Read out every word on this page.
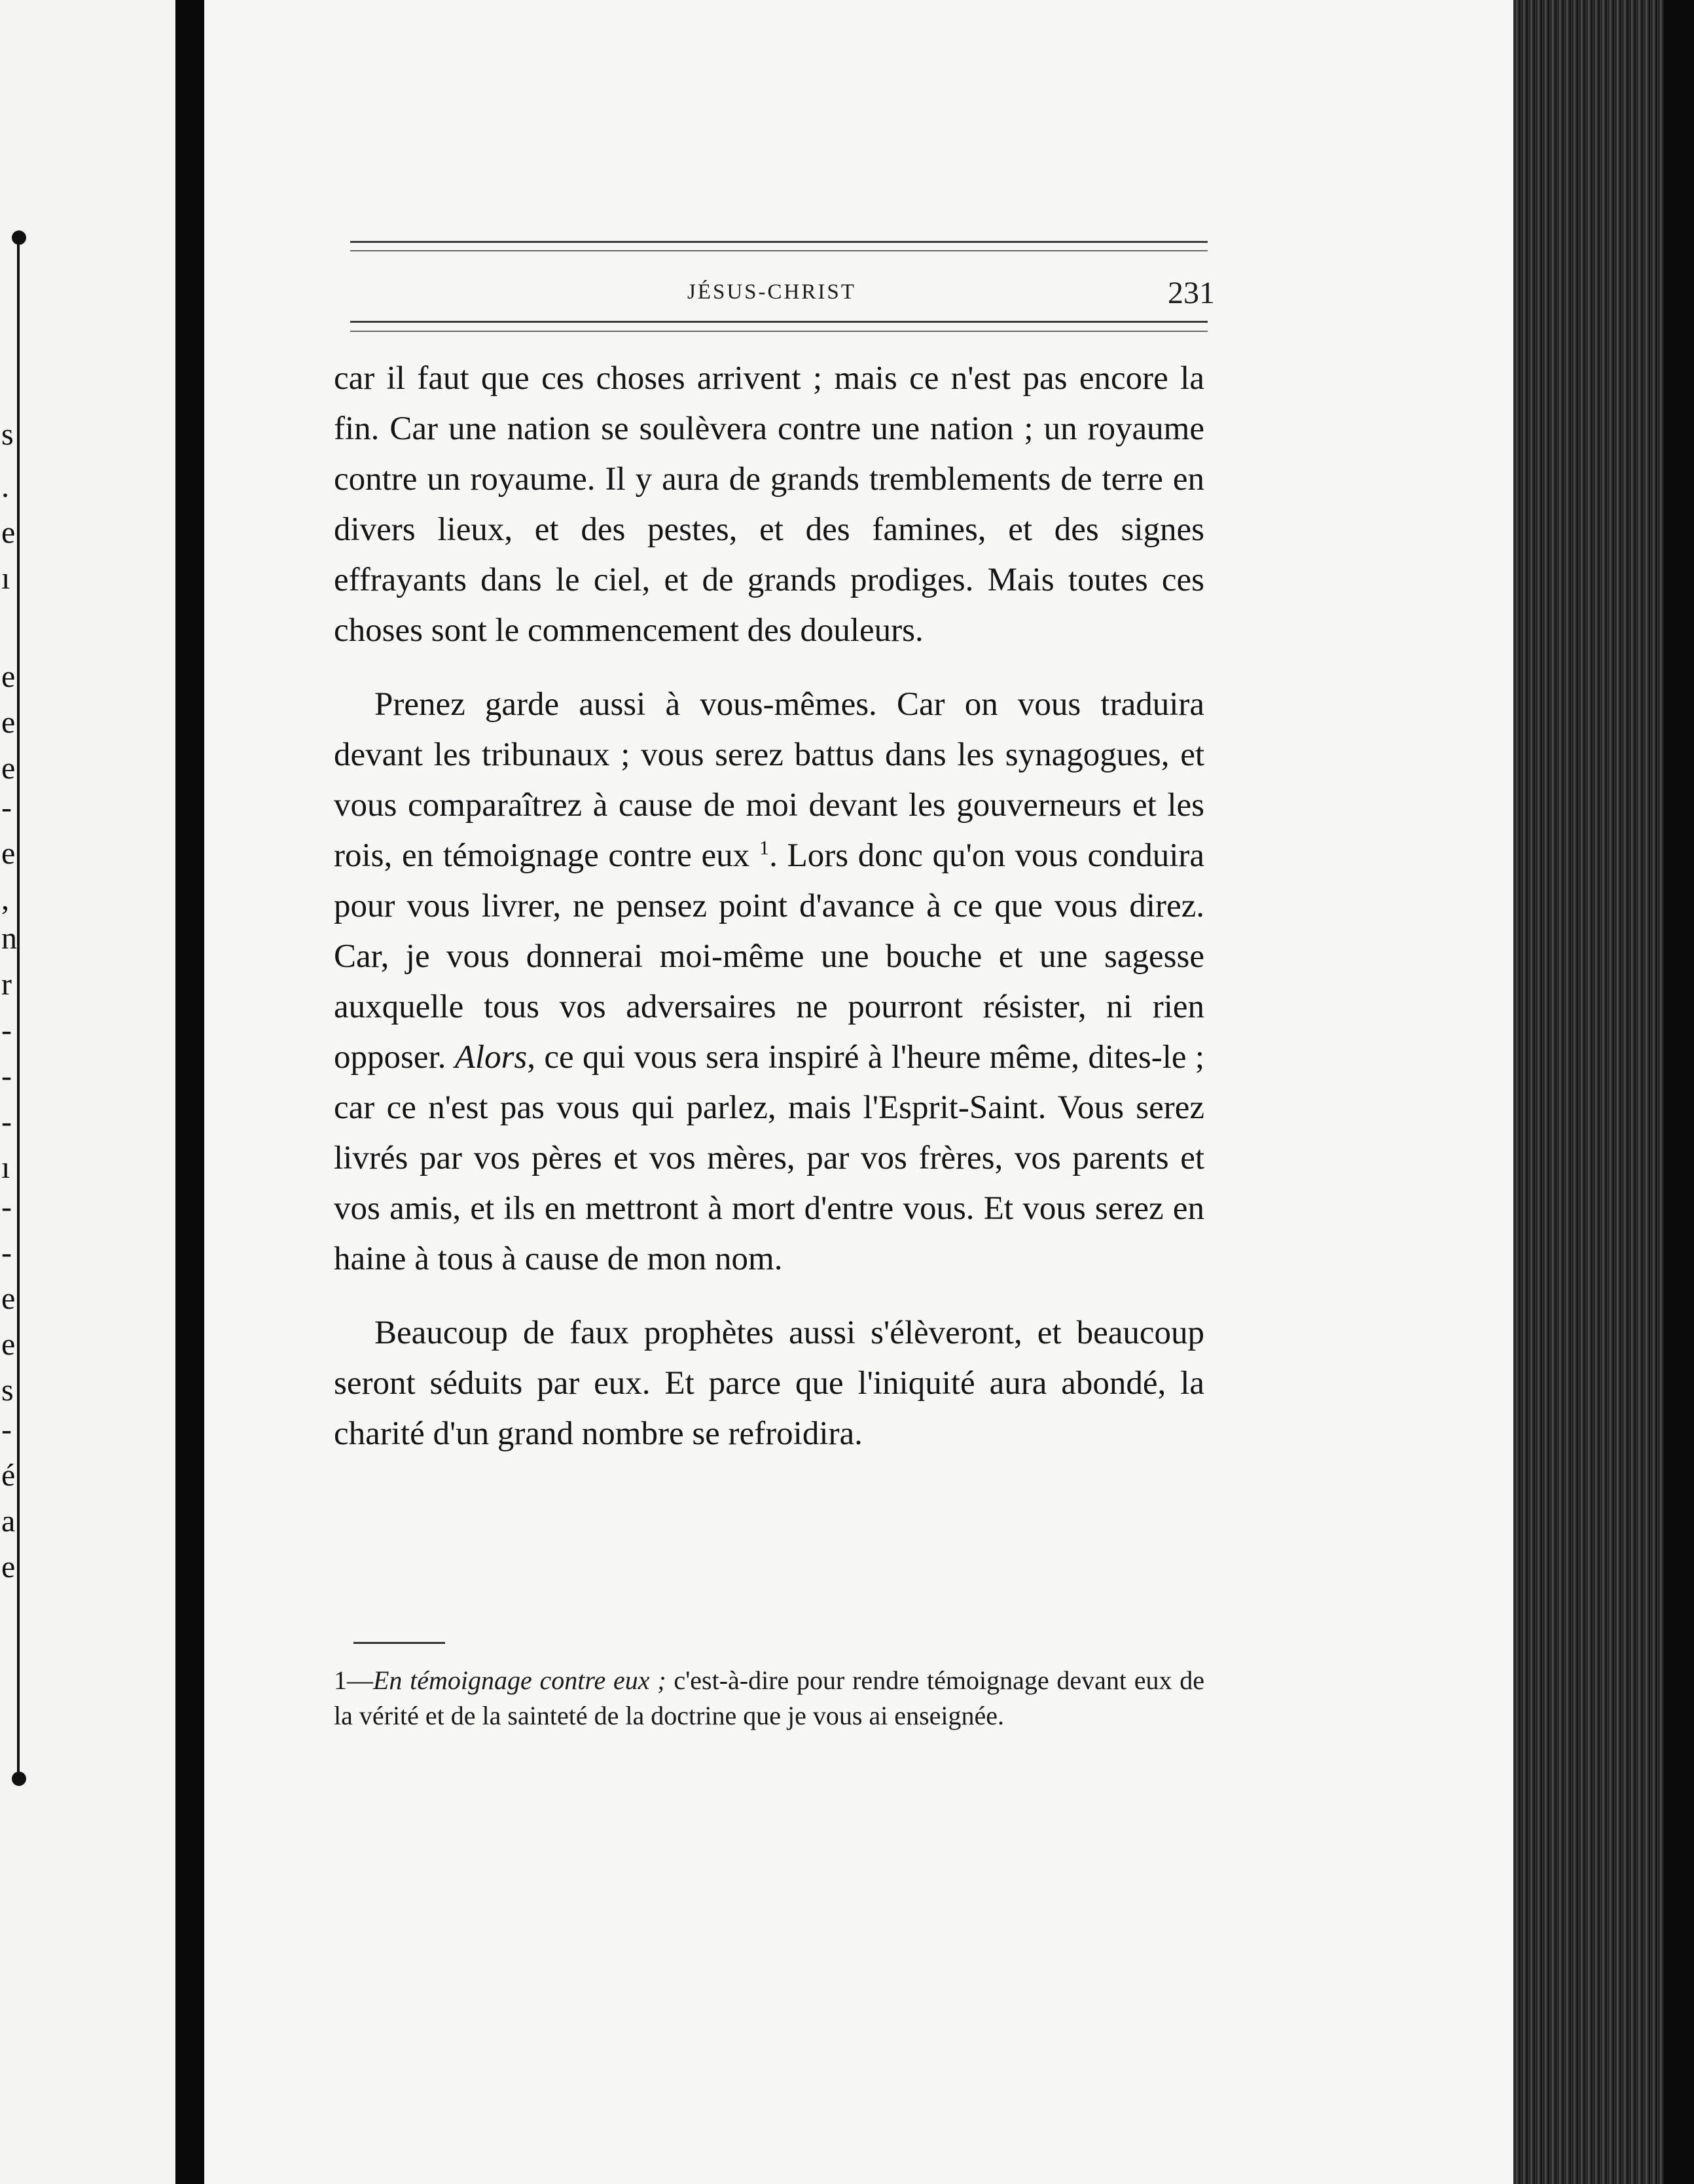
s
.
e
ı
e
e
e
-
e
,
n
r
-
-
-
ı
-
-
e
e
s
-
é
a
e
JÉSUS-CHRIST	231

car il faut que ces choses arrivent ; mais ce n'est pas encore la fin. Car une nation se soulèvera contre une nation ; un royaume contre un royaume. Il y aura de grands tremblements de terre en divers lieux, et des pestes, et des famines, et des signes effrayants dans le ciel, et de grands prodiges. Mais toutes ces choses sont le commencement des douleurs.

Prenez garde aussi à vous-mêmes. Car on vous traduira devant les tribunaux ; vous serez battus dans les synagogues, et vous comparaîtrez à cause de moi devant les gouverneurs et les rois, en témoignage contre eux $^1$. Lors donc qu'on vous conduira pour vous livrer, ne pensez point d'avance à ce que vous direz. Car, je vous donnerai moi-même une bouche et une sagesse auxquelle tous vos adversaires ne pourront résister, ni rien opposer. Alors, ce qui vous sera inspiré à l'heure même, dites-le ; car ce n'est pas vous qui parlez, mais l'Esprit-Saint. Vous serez livrés par vos pères et vos mères, par vos frères, vos parents et vos amis, et ils en mettront à mort d'entre vous. Et vous serez en haine à tous à cause de mon nom.

Beaucoup de faux prophètes aussi s'élèveront, et beaucoup seront séduits par eux. Et parce que l'iniquité aura abondé, la charité d'un grand nombre se refroidira.

1—En témoignage contre eux ; c'est-à-dire pour rendre témoignage devant eux de la vérité et de la sainteté de la doctrine que je vous ai enseignée.
